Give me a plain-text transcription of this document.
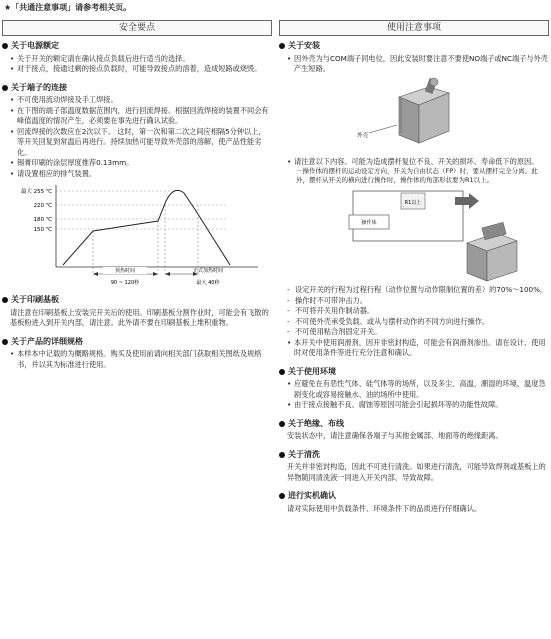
★「共通注意事项」请参考相关页。
安全要点
关于电源额定
• 关于开关的额定请在确认接点负载后进行适当的选择。
• 对于接点，接通过剩的接点负载时，可能导致接点的溶着，造成短路或烧毁。
关于端子的连接
• 不可使用流动焊接及手工焊接。
• 在下图的端子部温度数据范围内，进行回流焊接。根据回流焊接的装置不同会有峰值温度的情况产生，必须要在事先进行确认试验。
• 回流焊接的次数应在2次以下。 这时，第一次和第二次之间应相隔5分钟以上，等开关回复到常温后再进行。持续加热可能导致外壳部的溶解，使产品性能劣化。
• 锡膏印刷的涂层厚度推荐0.13mm。
• 请设置相应的排气装置。
最大 255 ℃
220 ℃
180 ℃
150 ℃
预热时间
90 ~ 120秒
正式加热时间
最大 40秒
关于印刷基板
请注意在印刷基板上安装完开关后的使用。印刷基板分割作业时，可能会有飞散的基板粉进入到开关内部，请注意。此外请不要在印刷基板上堆积重物。
关于产品的详细规格
• 本样本中记载的为概略规格。购买及使用前请向相关部门获取相关图纸及规格书，并以其为标准进行使用。
使用注意事项
关于安装
• 因外壳为与COM端子同电位，因此安装时要注意不要使NO端子或NC端子与外壳产生短路。
外壳
• 请注意以下内容。可能为造成摆杆复位不良、开关的损坏、寿命低下的原因。
－操作体的摆杆的运动设定方向，开关为自由状态（FP）时，要从摆杆完全分离。此外，摆杆从开关的横向进行操作时，操作体的角部形状要为R1以上。
R1以上
操作体
- 设定开关的行程为过程行程（动作位置与动作限制位置的差）的70%～100%。
- 操作时不可带冲击力。
- 不可将开关用作制动器。
- 不可使外壳承受负载、或从与摆杆动作的不同方向进行操作。
- 不可使用粘合剂固定开关。
• 本开关中使用润滑剂，因开非密封构造，可能会有润滑剂渗出。请在设计、使用时对使用条件等进行充分注意和确认。
关于使用环境
• 应避免在有恶性气体、硅气体等的场所，以及多尘、高温、潮湿的环境，温度急剧变化或容易接触水、油的场所中使用。
• 由于接点接触不良、腐蚀等原因可能会引起损坏等的功能性故障。
关于绝缘、布线
安装状态中，请注意确保各端子与其他金属部、地面等的绝缘距离。
关于清洗
开关并非密封构造，因此不可进行清洗。如果进行清洗，可能导致焊剂或基板上的异物随同清洗液一同进入开关内部，导致故障。
进行实机确认
请对实际使用中负载条件、环境条件下的品质进行仔细确认。
